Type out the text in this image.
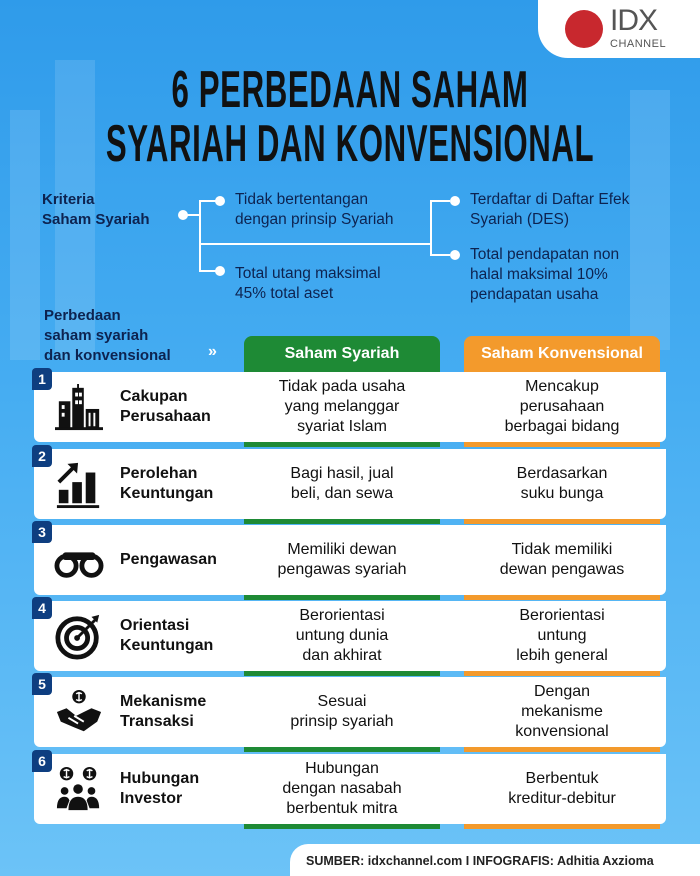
IDX
CHANNEL
6 PERBEDAAN SAHAM
SYARIAH DAN KONVENSIONAL
Kriteria
Saham Syariah
Tidak bertentangan
dengan prinsip Syariah
Total utang maksimal
45% total aset
Terdaftar di Daftar Efek
Syariah (DES)
Total pendapatan non
halal maksimal 10%
pendapatan usaha
Perbedaan
saham syariah
dan konvensional »	Saham Syariah	Saham Konvensional
1
Cakupan
Perusahaan
Tidak pada usaha
yang melanggar
syariat Islam
Mencakup
perusahaan
berbagai bidang
2
Perolehan
Keuntungan
Bagi hasil, jual
beli, dan sewa
Berdasarkan
suku bunga
3
Pengawasan
Memiliki dewan
pengawas syariah
Tidak memiliki
dewan pengawas
4
Orientasi
Keuntungan
Berorientasi
untung dunia
dan akhirat
Berorientasi
untung
lebih general
5
Mekanisme
Transaksi
Sesuai
prinsip syariah
Dengan
mekanisme
konvensional
6
Hubungan
Investor
Hubungan
dengan nasabah
berbentuk mitra
Berbentuk
kreditur-debitur
SUMBER: idxchannel.com I INFOGRAFIS: Adhitia Axzioma
